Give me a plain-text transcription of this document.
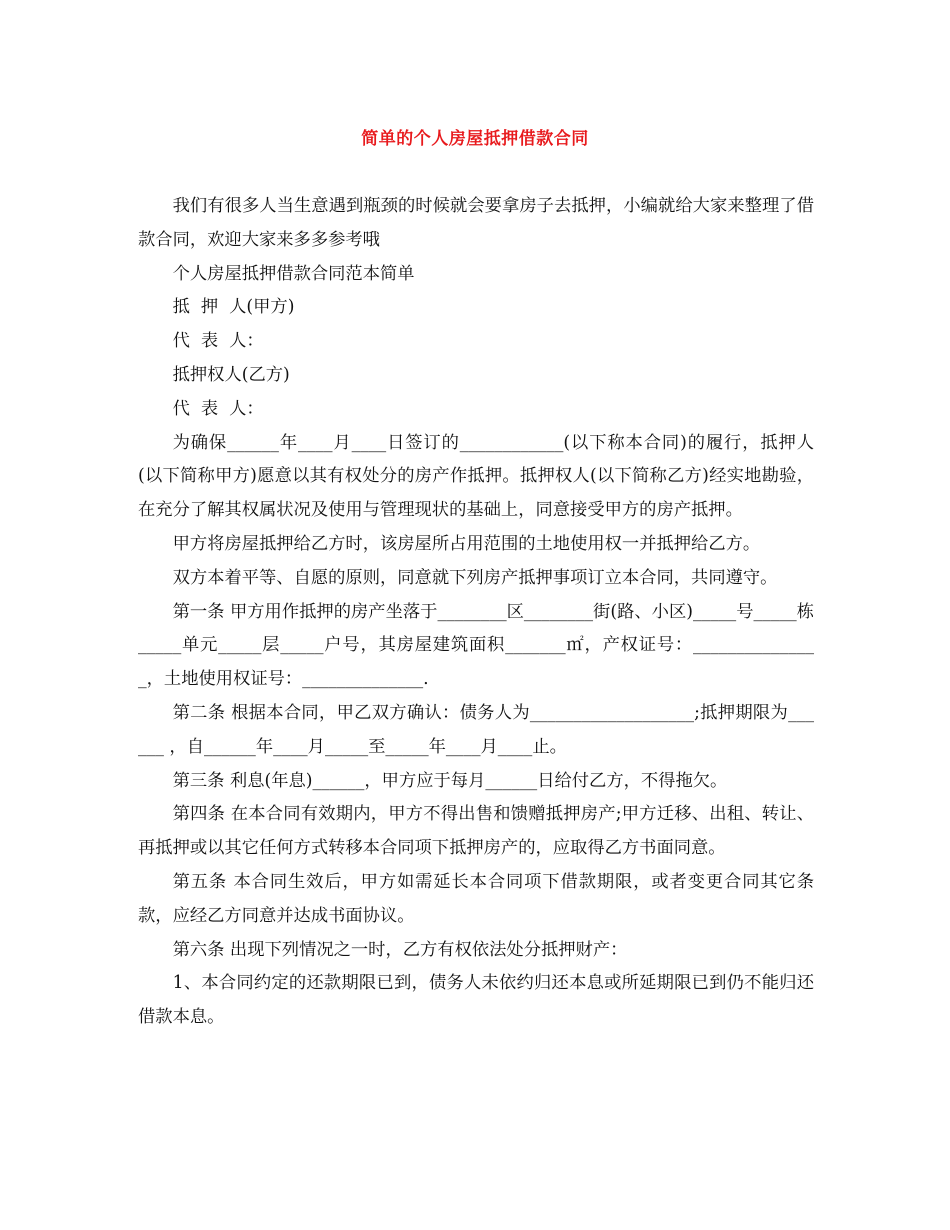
简单的个人房屋抵押借款合同

我们有很多人当生意遇到瓶颈的时候就会要拿房子去抵押，小编就给大家来整理了借款合同，欢迎大家来多多参考哦

个人房屋抵押借款合同范本简单

抵  押  人(甲方)

代  表  人：

抵押权人(乙方)

代  表  人：

为确保______年____月____日签订的____________(以下称本合同)的履行，抵押人(以下简称甲方)愿意以其有权处分的房产作抵押。抵押权人(以下简称乙方)经实地勘验，在充分了解其权属状况及使用与管理现状的基础上，同意接受甲方的房产抵押。

甲方将房屋抵押给乙方时，该房屋所占用范围的土地使用权一并抵押给乙方。

双方本着平等、自愿的原则，同意就下列房产抵押事项订立本合同，共同遵守。

第一条 甲方用作抵押的房产坐落于________区________街(路、小区)_____号_____栋_____单元_____层_____户号，其房屋建筑面积_______㎡，产权证号：_______________，土地使用权证号：______________.

第二条 根据本合同，甲乙双方确认：债务人为___________________;抵押期限为______ ，自______年____月_____至_____年____月____止。

第三条 利息(年息)______，甲方应于每月______日给付乙方，不得拖欠。

第四条 在本合同有效期内，甲方不得出售和馈赠抵押房产;甲方迁移、出租、转让、再抵押或以其它任何方式转移本合同项下抵押房产的，应取得乙方书面同意。

第五条 本合同生效后，甲方如需延长本合同项下借款期限，或者变更合同其它条款，应经乙方同意并达成书面协议。

第六条 出现下列情况之一时，乙方有权依法处分抵押财产：

1、本合同约定的还款期限已到，债务人未依约归还本息或所延期限已到仍不能归还借款本息。
